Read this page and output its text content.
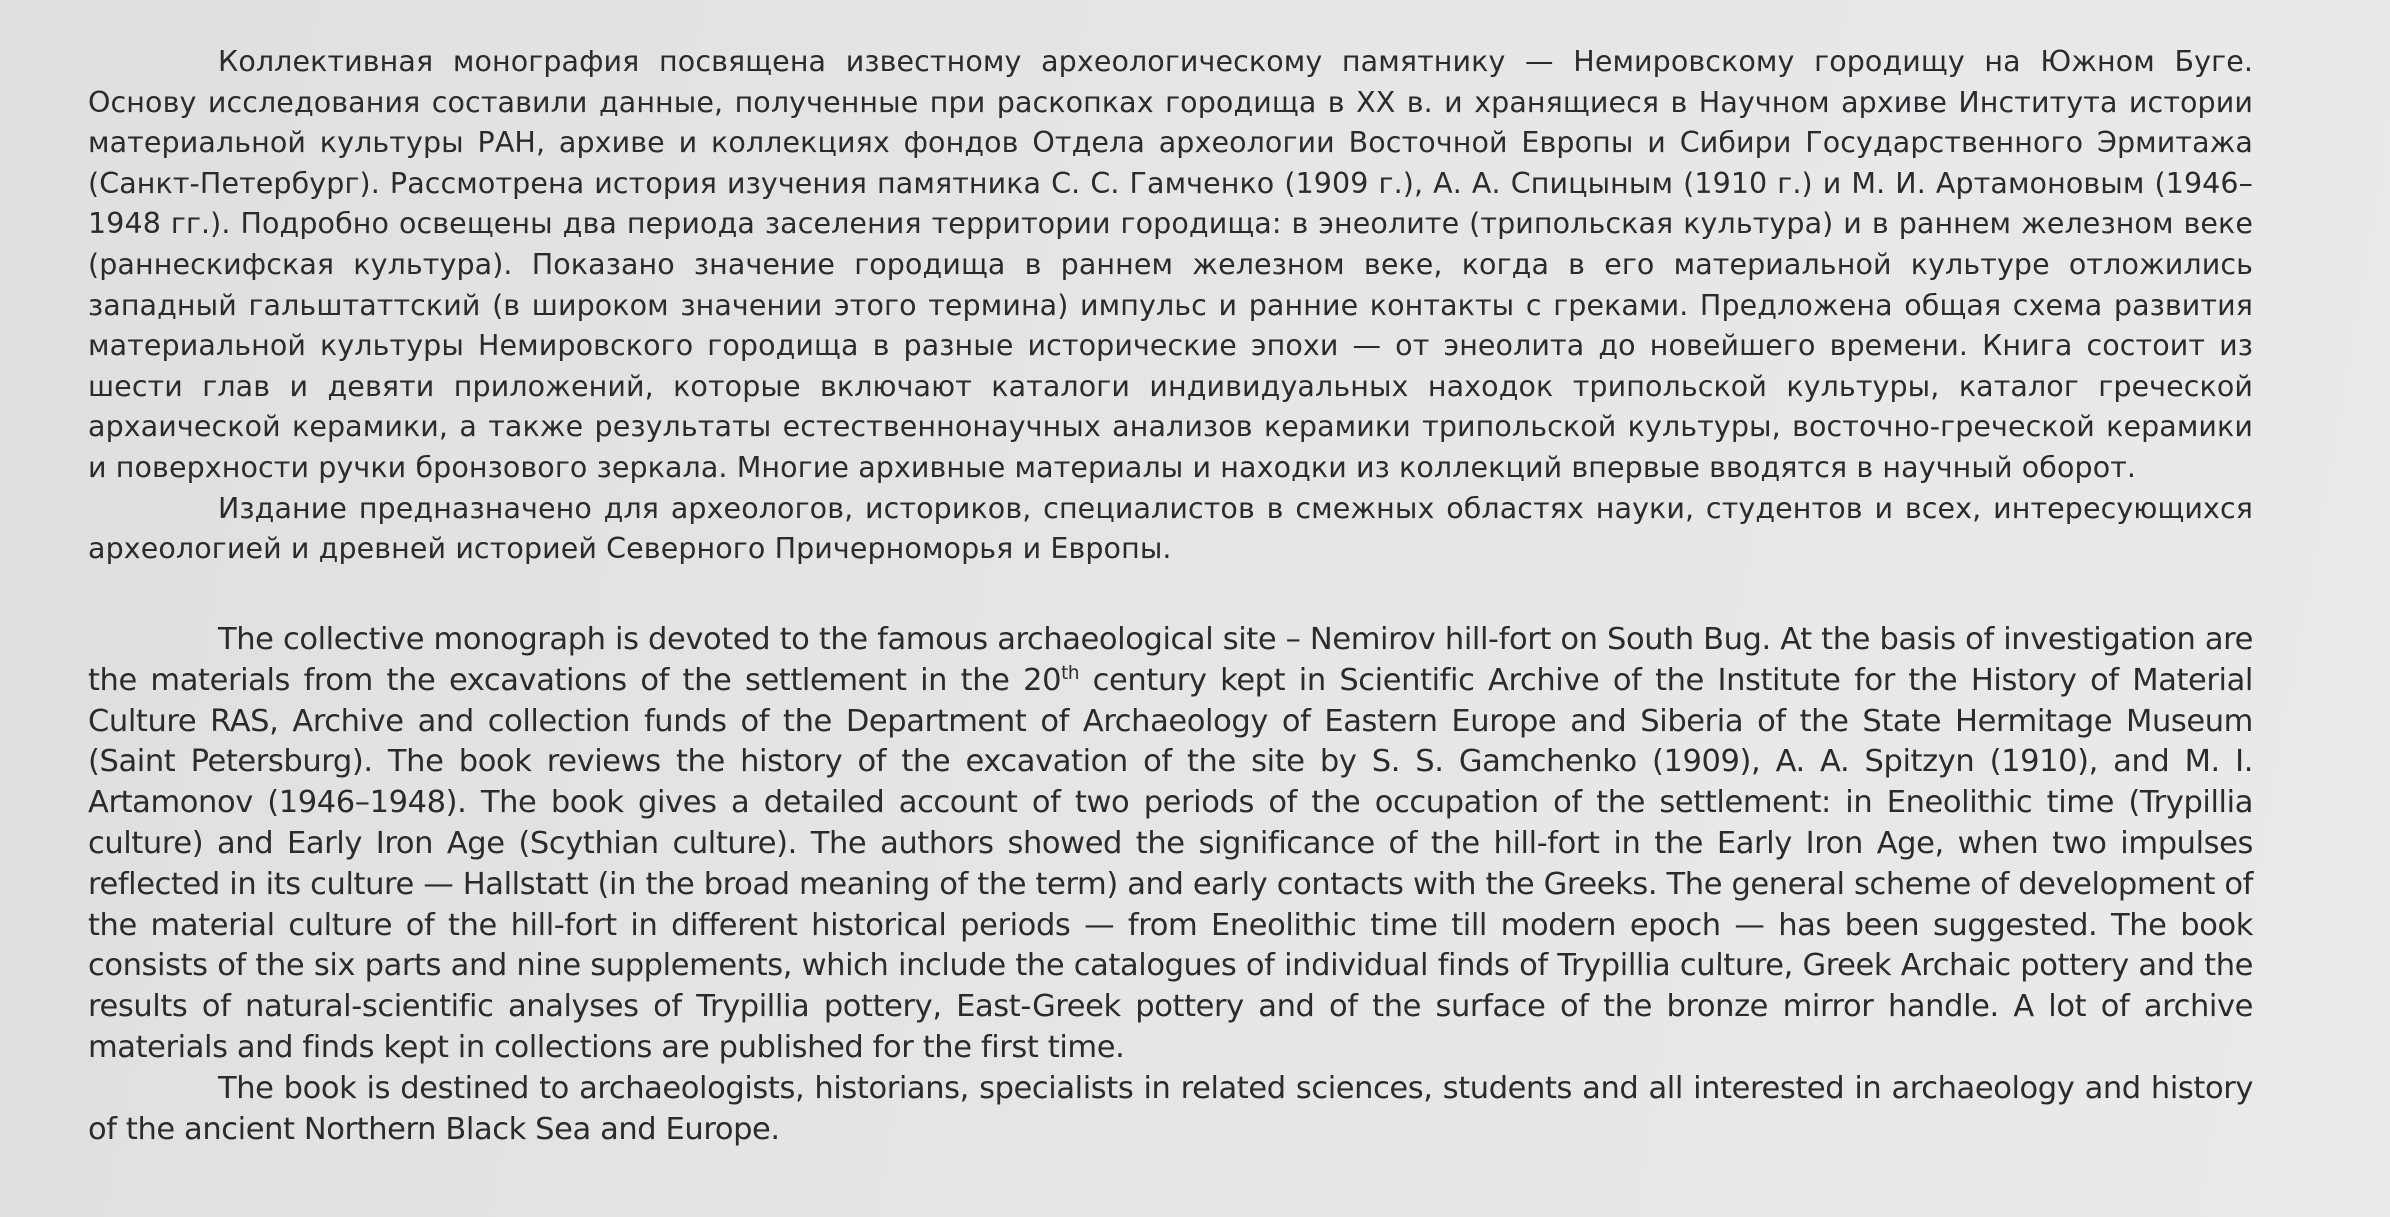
Коллективная монография посвящена известному археологическому памятнику — Немировскому городищу на Южном Буге. Основу исследования составили данные, полученные при раскопках городища в XX в. и хранящиеся в Научном архиве Института истории материальной культуры РАН, архиве и коллекциях фондов Отдела археологии Восточной Европы и Сибири Государственного Эрмитажа (Санкт-Петербург). Рассмотрена история изучения памятника С. С. Гамченко (1909 г.), А. А. Спицыным (1910 г.) и М. И. Артамоновым (1946–1948 гг.). Подробно освещены два периода заселения территории городища: в энеолите (трипольская культура) и в раннем железном веке (раннескифская культура). Показано значение городища в раннем железном веке, когда в его материальной культуре отложились западный гальштаттский (в широком значении этого термина) импульс и ранние контакты с греками. Предложена общая схема развития материальной культуры Немировского городища в разные исторические эпохи — от энеолита до новейшего времени. Книга состоит из шести глав и девяти приложений, которые включают каталоги индивидуальных находок трипольской культуры, каталог греческой архаической керамики, а также результаты естественнонаучных анализов керамики трипольской культуры, восточно-греческой керамики и поверхности ручки бронзового зеркала. Многие архивные материалы и находки из коллекций впервые вводятся в научный оборот.

Издание предназначено для археологов, историков, специалистов в смежных областях науки, студентов и всех, интересующихся археологией и древней историей Северного Причерноморья и Европы.

The collective monograph is devoted to the famous archaeological site – Nemirov hill-fort on South Bug. At the basis of investigation are the materials from the excavations of the settlement in the 20th century kept in Scientific Archive of the Institute for the History of Material Culture RAS, Archive and collection funds of the Department of Archaeology of Eastern Europe and Siberia of the State Hermitage Museum (Saint Petersburg). The book reviews the history of the excavation of the site by S. S. Gamchenko (1909), A. A. Spitzyn (1910), and M. I. Artamonov (1946–1948). The book gives a detailed account of two periods of the occupation of the settlement: in Eneolithic time (Trypillia culture) and Early Iron Age (Scythian culture). The authors showed the significance of the hill-fort in the Early Iron Age, when two impulses reflected in its culture — Hallstatt (in the broad meaning of the term) and early contacts with the Greeks. The general scheme of development of the material culture of the hill-fort in different historical periods — from Eneolithic time till modern epoch — has been suggested. The book consists of the six parts and nine supplements, which include the catalogues of individual finds of Trypillia culture, Greek Archaic pottery and the results of natural-scientific analyses of Trypillia pottery, East-Greek pottery and of the surface of the bronze mirror handle. A lot of archive materials and finds kept in collections are published for the first time.

The book is destined to archaeologists, historians, specialists in related sciences, students and all interested in archaeology and history of the ancient Northern Black Sea and Europe.
